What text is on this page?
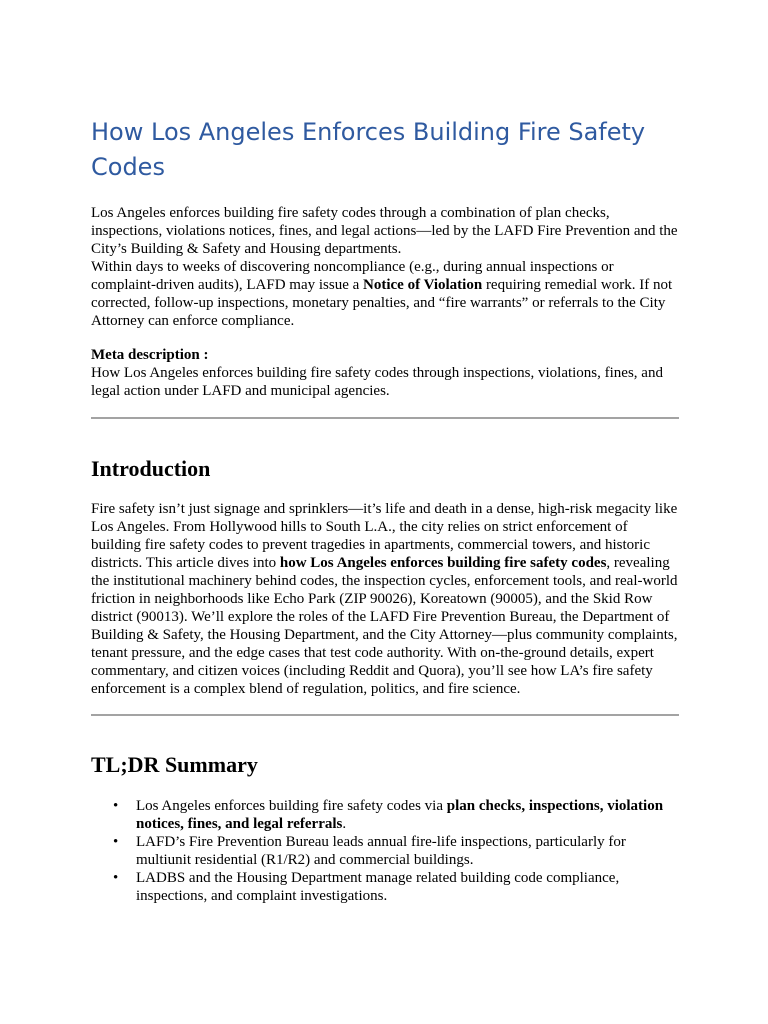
How Los Angeles Enforces Building Fire Safety Codes

Los Angeles enforces building fire safety codes through a combination of plan checks, inspections, violations notices, fines, and legal actions—led by the LAFD Fire Prevention and the City’s Building & Safety and Housing departments.

Within days to weeks of discovering noncompliance (e.g., during annual inspections or complaint-driven audits), LAFD may issue a Notice of Violation requiring remedial work. If not corrected, follow-up inspections, monetary penalties, and “fire warrants” or referrals to the City Attorney can enforce compliance.

Meta description :

How Los Angeles enforces building fire safety codes through inspections, violations, fines, and legal action under LAFD and municipal agencies.

Introduction

Fire safety isn’t just signage and sprinklers—it’s life and death in a dense, high-risk megacity like Los Angeles. From Hollywood hills to South L.A., the city relies on strict enforcement of building fire safety codes to prevent tragedies in apartments, commercial towers, and historic districts. This article dives into how Los Angeles enforces building fire safety codes, revealing the institutional machinery behind codes, the inspection cycles, enforcement tools, and real-world friction in neighborhoods like Echo Park (ZIP 90026), Koreatown (90005), and the Skid Row district (90013). We’ll explore the roles of the LAFD Fire Prevention Bureau, the Department of Building & Safety, the Housing Department, and the City Attorney—plus community complaints, tenant pressure, and the edge cases that test code authority. With on-the-ground details, expert commentary, and citizen voices (including Reddit and Quora), you’ll see how LA’s fire safety enforcement is a complex blend of regulation, politics, and fire science.

TL;DR Summary
• Los Angeles enforces building fire safety codes via plan checks, inspections, violation notices, fines, and legal referrals.
• LAFD’s Fire Prevention Bureau leads annual fire-life inspections, particularly for multiunit residential (R1/R2) and commercial buildings.
• LADBS and the Housing Department manage related building code compliance, inspections, and complaint investigations.
